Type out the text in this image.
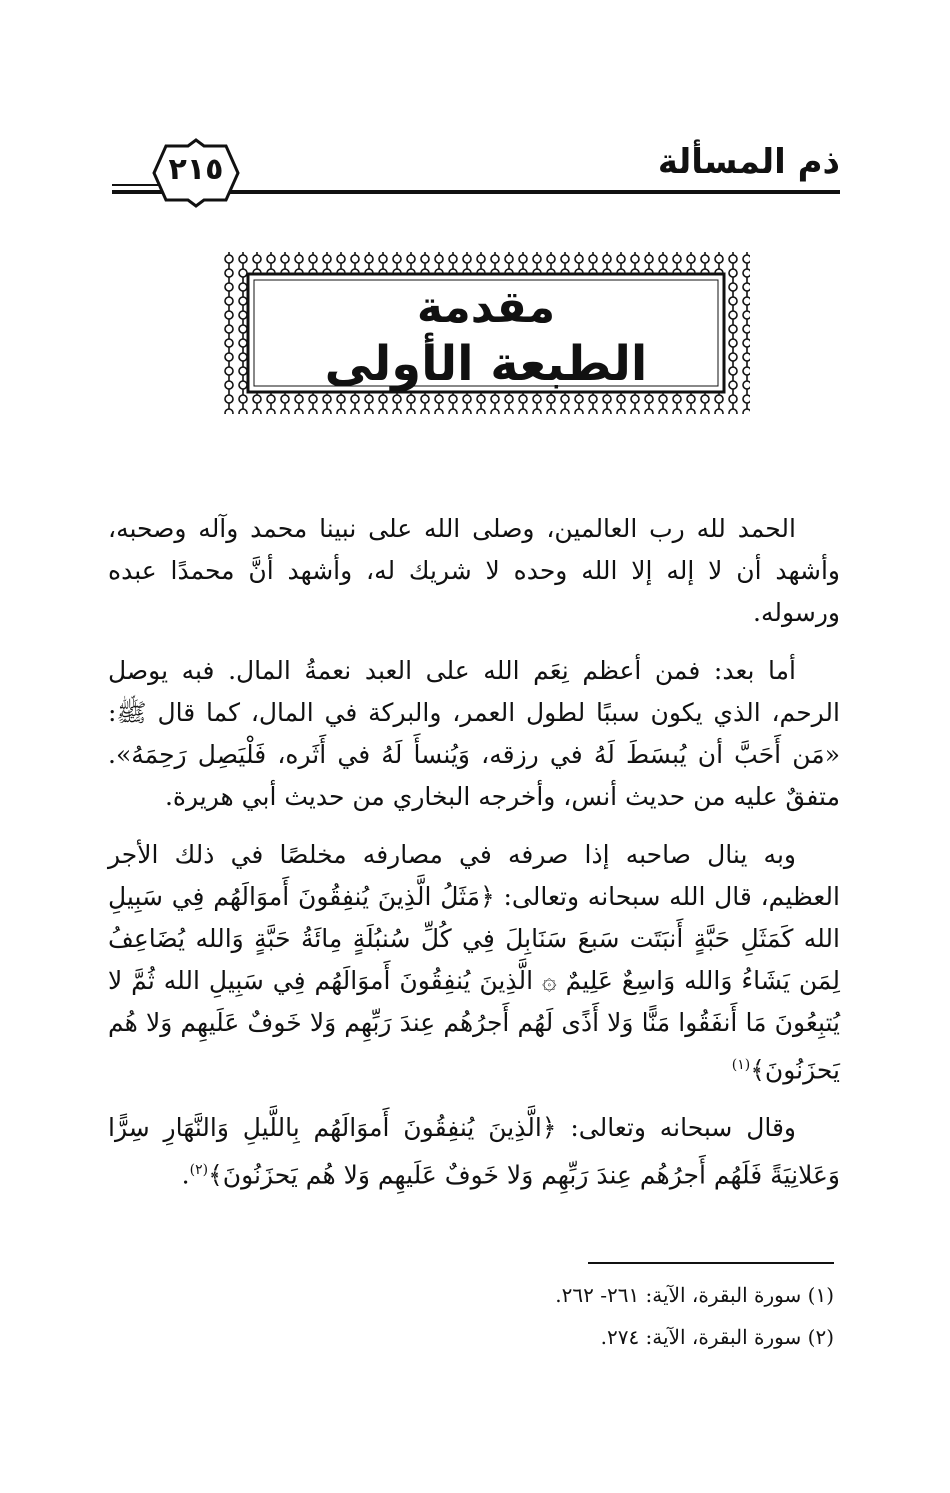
ذم المسألة
٢١٥
مقدمة
الطبعة الأولى

الحمد لله رب العالمين، وصلى الله على نبينا محمد وآله وصحبه، وأشهد أن لا إله إلا الله وحده لا شريك له، وأشهد أنَّ محمدًا عبده ورسوله.

أما بعد: فمن أعظم نِعَم الله على العبد نعمةُ المال. فبه يوصل الرحم، الذي يكون سببًا لطول العمر، والبركة في المال، كما قال ﷺ: «مَن أَحَبَّ أن يُبسَطَ لَهُ في رزقه، وَيُنسأَ لَهُ في أَثَره، فَلْيَصِل رَحِمَهُ». متفقٌ عليه من حديث أنس، وأخرجه البخاري من حديث أبي هريرة.

وبه ينال صاحبه إذا صرفه في مصارفه مخلصًا في ذلك الأجر العظيم، قال الله سبحانه وتعالى: ﴿مَثَلُ الَّذِينَ يُنفِقُونَ أَموَالَهُم فِي سَبِيلِ الله كَمَثَلِ حَبَّةٍ أَنبَتَت سَبعَ سَنَابِلَ فِي كُلِّ سُنبُلَةٍ مِائَةُ حَبَّةٍ وَالله يُضَاعِفُ لِمَن يَشَاءُ وَالله وَاسِعٌ عَلِيمٌ ۞ الَّذِينَ يُنفِقُونَ أَموَالَهُم فِي سَبِيلِ الله ثُمَّ لا يُتبِعُونَ مَا أَنفَقُوا مَنًّا وَلا أَذًى لَهُم أَجرُهُم عِندَ رَبِّهِم وَلا خَوفٌ عَلَيهِم وَلا هُم يَحزَنُونَ﴾$^{(١)}$

وقال سبحانه وتعالى: ﴿الَّذِينَ يُنفِقُونَ أَموَالَهُم بِاللَّيلِ وَالنَّهَارِ سِرًّا وَعَلانِيَةً فَلَهُم أَجرُهُم عِندَ رَبِّهِم وَلا خَوفٌ عَلَيهِم وَلا هُم يَحزَنُونَ﴾$^{(٢)}$.

(١) سورة البقرة، الآية: ٢٦١- ٢٦٢.
(٢) سورة البقرة، الآية: ٢٧٤.
